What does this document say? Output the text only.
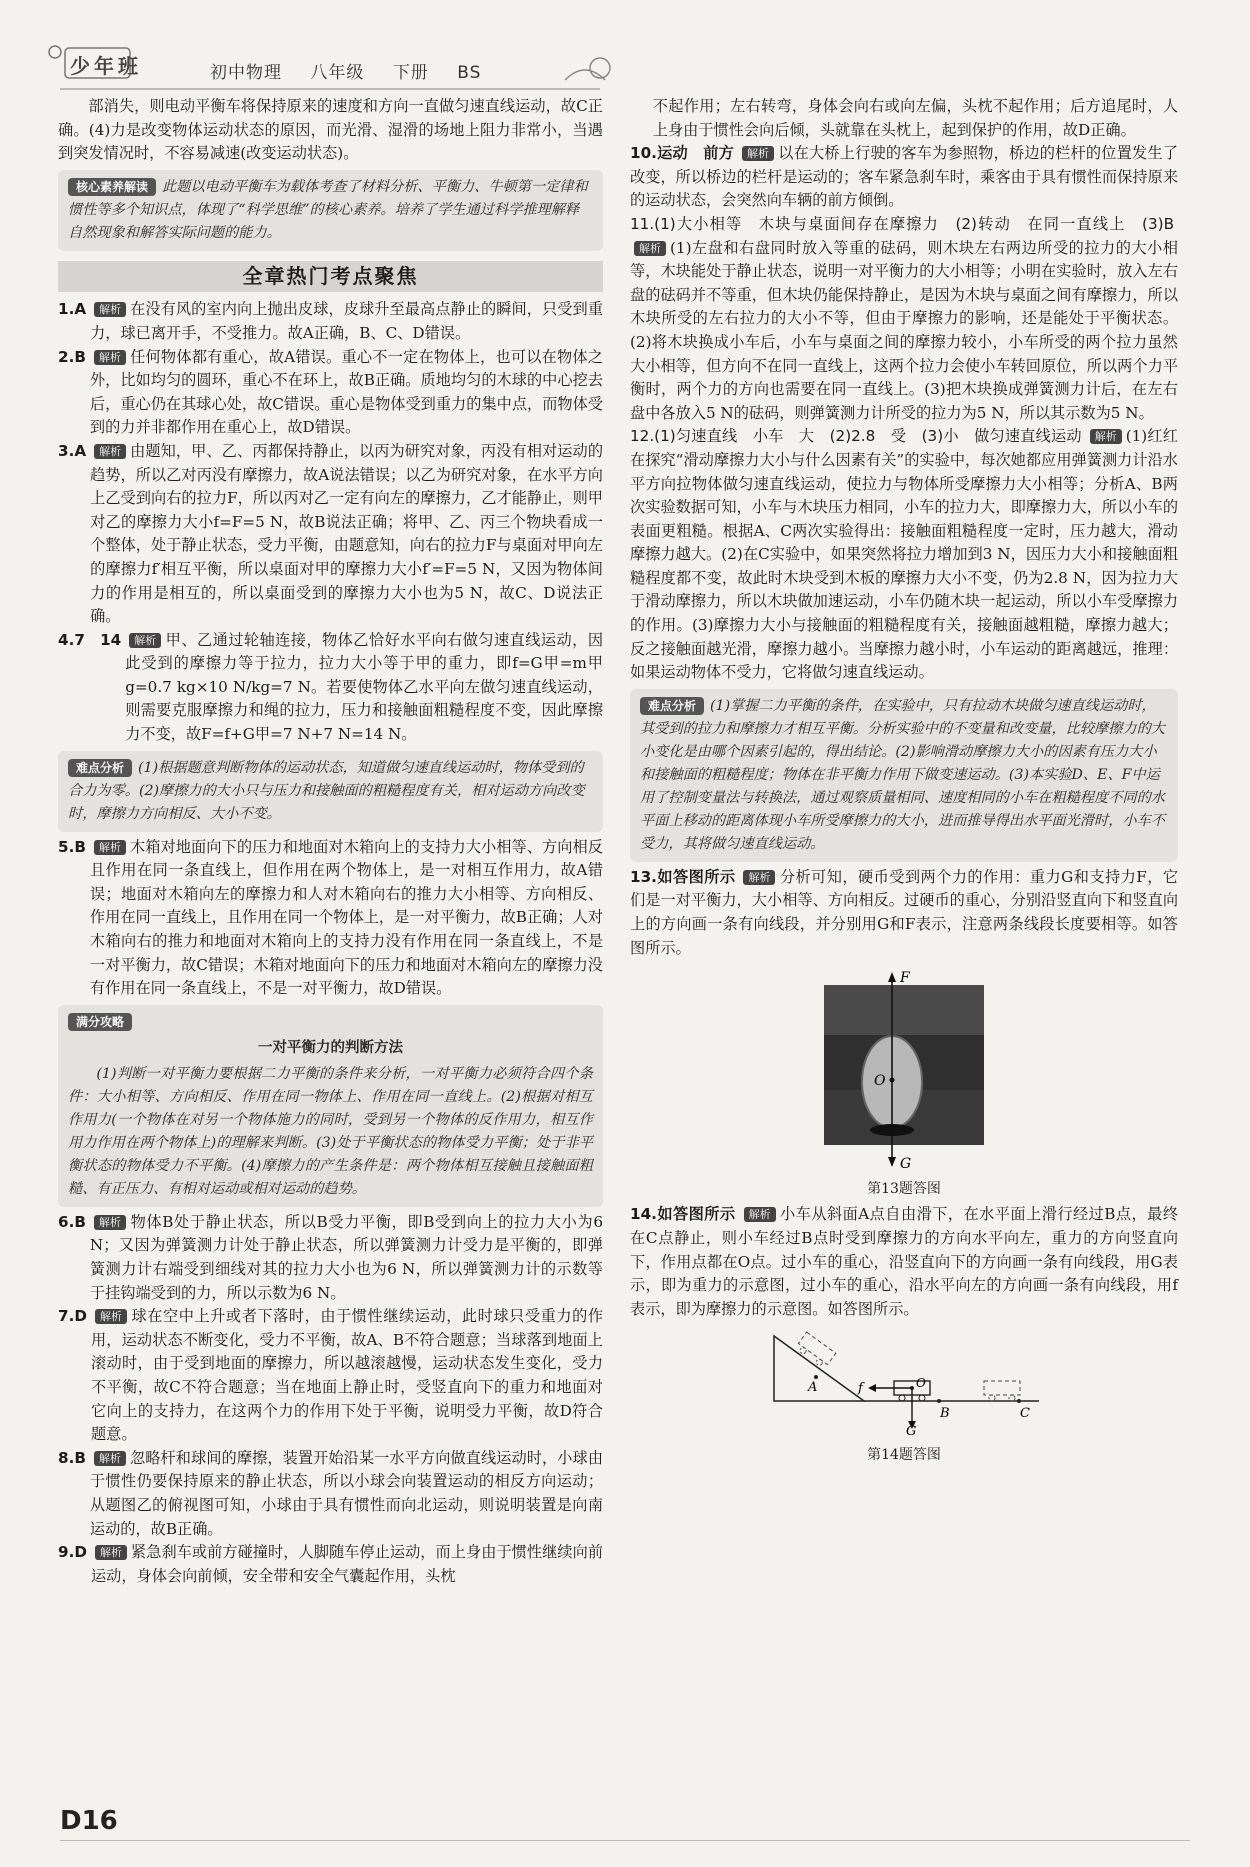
少年班	初中物理 八年级 下册 BS

部消失，则电动平衡车将保持原来的速度和方向一直做匀速直线运动，故C正确。(4)力是改变物体运动状态的原因，而光滑、湿滑的场地上阻力非常小，当遇到突发情况时，不容易减速(改变运动状态)。

核心素养解读 此题以电动平衡车为载体考查了材料分析、平衡力、牛顿第一定律和惯性等多个知识点，体现了“科学思维”的核心素养。培养了学生通过科学推理解释自然现象和解答实际问题的能力。
全章热门考点聚焦
1.A	解析 在没有风的室内向上抛出皮球，皮球升至最高点静止的瞬间，只受到重力，球已离开手，不受推力。故A正确，B、C、D错误。

2.B	解析 任何物体都有重心，故A错误。重心不一定在物体上，也可以在物体之外，比如均匀的圆环，重心不在环上，故B正确。质地均匀的木球的中心挖去后，重心仍在其球心处，故C错误。重心是物体受到重力的集中点，而物体受到的力并非都作用在重心上，故D错误。

3.A	解析 由题知，甲、乙、丙都保持静止，以丙为研究对象，丙没有相对运动的趋势，所以乙对丙没有摩擦力，故A说法错误；以乙为研究对象，在水平方向上乙受到向右的拉力F，所以丙对乙一定有向左的摩擦力，乙才能静止，则甲对乙的摩擦力大小f=F=5 N，故B说法正确；将甲、乙、丙三个物块看成一个整体，处于静止状态，受力平衡，由题意知，向右的拉力F与桌面对甲向左的摩擦力f′相互平衡，所以桌面对甲的摩擦力大小f′=F=5 N，又因为物体间力的作用是相互的，所以桌面受到的摩擦力大小也为5 N，故C、D说法正确。

4.7　14	解析 甲、乙通过轮轴连接，物体乙恰好水平向右做匀速直线运动，因此受到的摩擦力等于拉力，拉力大小等于甲的重力，即f=G甲=m甲g=0.7 kg×10 N/kg=7 N。若要使物体乙水平向左做匀速直线运动，则需要克服摩擦力和绳的拉力，压力和接触面粗糙程度不变，因此摩擦力不变，故F=f+G甲=7 N+7 N=14 N。

难点分析 (1)根据题意判断物体的运动状态，知道做匀速直线运动时，物体受到的合力为零。(2)摩擦力的大小只与压力和接触面的粗糙程度有关，相对运动方向改变时，摩擦力方向相反、大小不变。
5.B	解析 木箱对地面向下的压力和地面对木箱向上的支持力大小相等、方向相反且作用在同一条直线上，但作用在两个物体上，是一对相互作用力，故A错误；地面对木箱向左的摩擦力和人对木箱向右的推力大小相等、方向相反、作用在同一直线上，且作用在同一个物体上，是一对平衡力，故B正确；人对木箱向右的推力和地面对木箱向上的支持力没有作用在同一条直线上，不是一对平衡力，故C错误；木箱对地面向下的压力和地面对木箱向左的摩擦力没有作用在同一条直线上，不是一对平衡力，故D错误。

满分攻略
一对平衡力的判断方法

(1)判断一对平衡力要根据二力平衡的条件来分析，一对平衡力必须符合四个条件：大小相等、方向相反、作用在同一物体上、作用在同一直线上。(2)根据对相互作用力(一个物体在对另一个物体施力的同时，受到另一个物体的反作用力，相互作用力作用在两个物体上)的理解来判断。(3)处于平衡状态的物体受力平衡；处于非平衡状态的物体受力不平衡。(4)摩擦力的产生条件是：两个物体相互接触且接触面粗糙、有正压力、有相对运动或相对运动的趋势。

6.B	解析 物体B处于静止状态，所以B受力平衡，即B受到向上的拉力大小为6 N；又因为弹簧测力计处于静止状态，所以弹簧测力计受力是平衡的，即弹簧测力计右端受到细线对其的拉力大小也为6 N，所以弹簧测力计的示数等于挂钩端受到的力，所以示数为6 N。

7.D	解析 球在空中上升或者下落时，由于惯性继续运动，此时球只受重力的作用，运动状态不断变化，受力不平衡，故A、B不符合题意；当球落到地面上滚动时，由于受到地面的摩擦力，所以越滚越慢，运动状态发生变化，受力不平衡，故C不符合题意；当在地面上静止时，受竖直向下的重力和地面对它向上的支持力，在这两个力的作用下处于平衡，说明受力平衡，故D符合题意。

8.B	解析 忽略杆和球间的摩擦，装置开始沿某一水平方向做直线运动时，小球由于惯性仍要保持原来的静止状态，所以小球会向装置运动的相反方向运动；从题图乙的俯视图可知，小球由于具有惯性而向北运动，则说明装置是向南运动的，故B正确。

9.D	解析 紧急刹车或前方碰撞时，人脚随车停止运动，而上身由于惯性继续向前运动，身体会向前倾，安全带和安全气囊起作用，头枕

不起作用；左右转弯，身体会向右或向左偏，头枕不起作用；后方追尾时，人上身由于惯性会向后倾，头就靠在头枕上，起到保护的作用，故D正确。

10.运动　前方 解析 以在大桥上行驶的客车为参照物，桥边的栏杆的位置发生了改变，所以桥边的栏杆是运动的；客车紧急刹车时，乘客由于具有惯性而保持原来的运动状态，会突然向车辆的前方倾倒。

11.(1)大小相等　木块与桌面间存在摩擦力　(2)转动　在同一直线上　(3)B解析 (1)左盘和右盘同时放入等重的砝码，则木块左右两边所受的拉力的大小相等，木块能处于静止状态，说明一对平衡力的大小相等；小明在实验时，放入左右盘的砝码并不等重，但木块仍能保持静止，是因为木块与桌面之间有摩擦力，所以木块所受的左右拉力的大小不等，但由于摩擦力的影响，还是能处于平衡状态。(2)将木块换成小车后，小车与桌面之间的摩擦力较小，小车所受的两个拉力虽然大小相等，但方向不在同一直线上，这两个拉力会使小车转回原位，所以两个力平衡时，两个力的方向也需要在同一直线上。(3)把木块换成弹簧测力计后，在左右盘中各放入5 N的砝码，则弹簧测力计所受的拉力为5 N，所以其示数为5 N。

12.(1)匀速直线　小车　大　(2)2.8　受　(3)小　做匀速直线运动 解析 (1)红红在探究“滑动摩擦力大小与什么因素有关”的实验中，每次她都应用弹簧测力计沿水平方向拉物体做匀速直线运动，使拉力与物体所受摩擦力大小相等；分析A、B两次实验数据可知，小车与木块压力相同，小车的拉力大，即摩擦力大，所以小车的表面更粗糙。根据A、C两次实验得出：接触面粗糙程度一定时，压力越大，滑动摩擦力越大。(2)在C实验中，如果突然将拉力增加到3 N，因压力大小和接触面粗糙程度都不变，故此时木块受到木板的摩擦力大小不变，仍为2.8 N，因为拉力大于滑动摩擦力，所以木块做加速运动，小车仍随木块一起运动，所以小车受摩擦力的作用。(3)摩擦力大小与接触面的粗糙程度有关，接触面越粗糙，摩擦力越大；反之接触面越光滑，摩擦力越小。当摩擦力越小时，小车运动的距离越远，推理：如果运动物体不受力，它将做匀速直线运动。

难点分析 (1)掌握二力平衡的条件，在实验中，只有拉动木块做匀速直线运动时，其受到的拉力和摩擦力才相互平衡。分析实验中的不变量和改变量，比较摩擦力的大小变化是由哪个因素引起的，得出结论。(2)影响滑动摩擦力大小的因素有压力大小和接触面的粗糙程度；物体在非平衡力作用下做变速运动。(3)本实验D、E、F中运用了控制变量法与转换法，通过观察质量相同、速度相同的小车在粗糙程度不同的水平面上移动的距离体现小车所受摩擦力的大小，进而推导得出水平面光滑时，小车不受力，其将做匀速直线运动。

13.如答图所示 解析 分析可知，硬币受到两个力的作用：重力G和支持力F，它们是一对平衡力，大小相等、方向相反。过硬币的重心，分别沿竖直向下和竖直向上的方向画一条有向线段，并分别用G和F表示，注意两条线段长度要相等。如答图所示。

F
O
G
第13题答图

14.如答图所示 解析 小车从斜面A点自由滑下，在水平面上滑行经过B点，最终在C点静止，则小车经过B点时受到摩擦力的方向水平向左，重力的方向竖直向下，作用点都在O点。过小车的重心，沿竖直向下的方向画一条有向线段，用G表示，即为重力的示意图，过小车的重心，沿水平向左的方向画一条有向线段，用f表示，即为摩擦力的示意图。如答图所示。

A	O
f
G
B	C
第14题答图
D16
